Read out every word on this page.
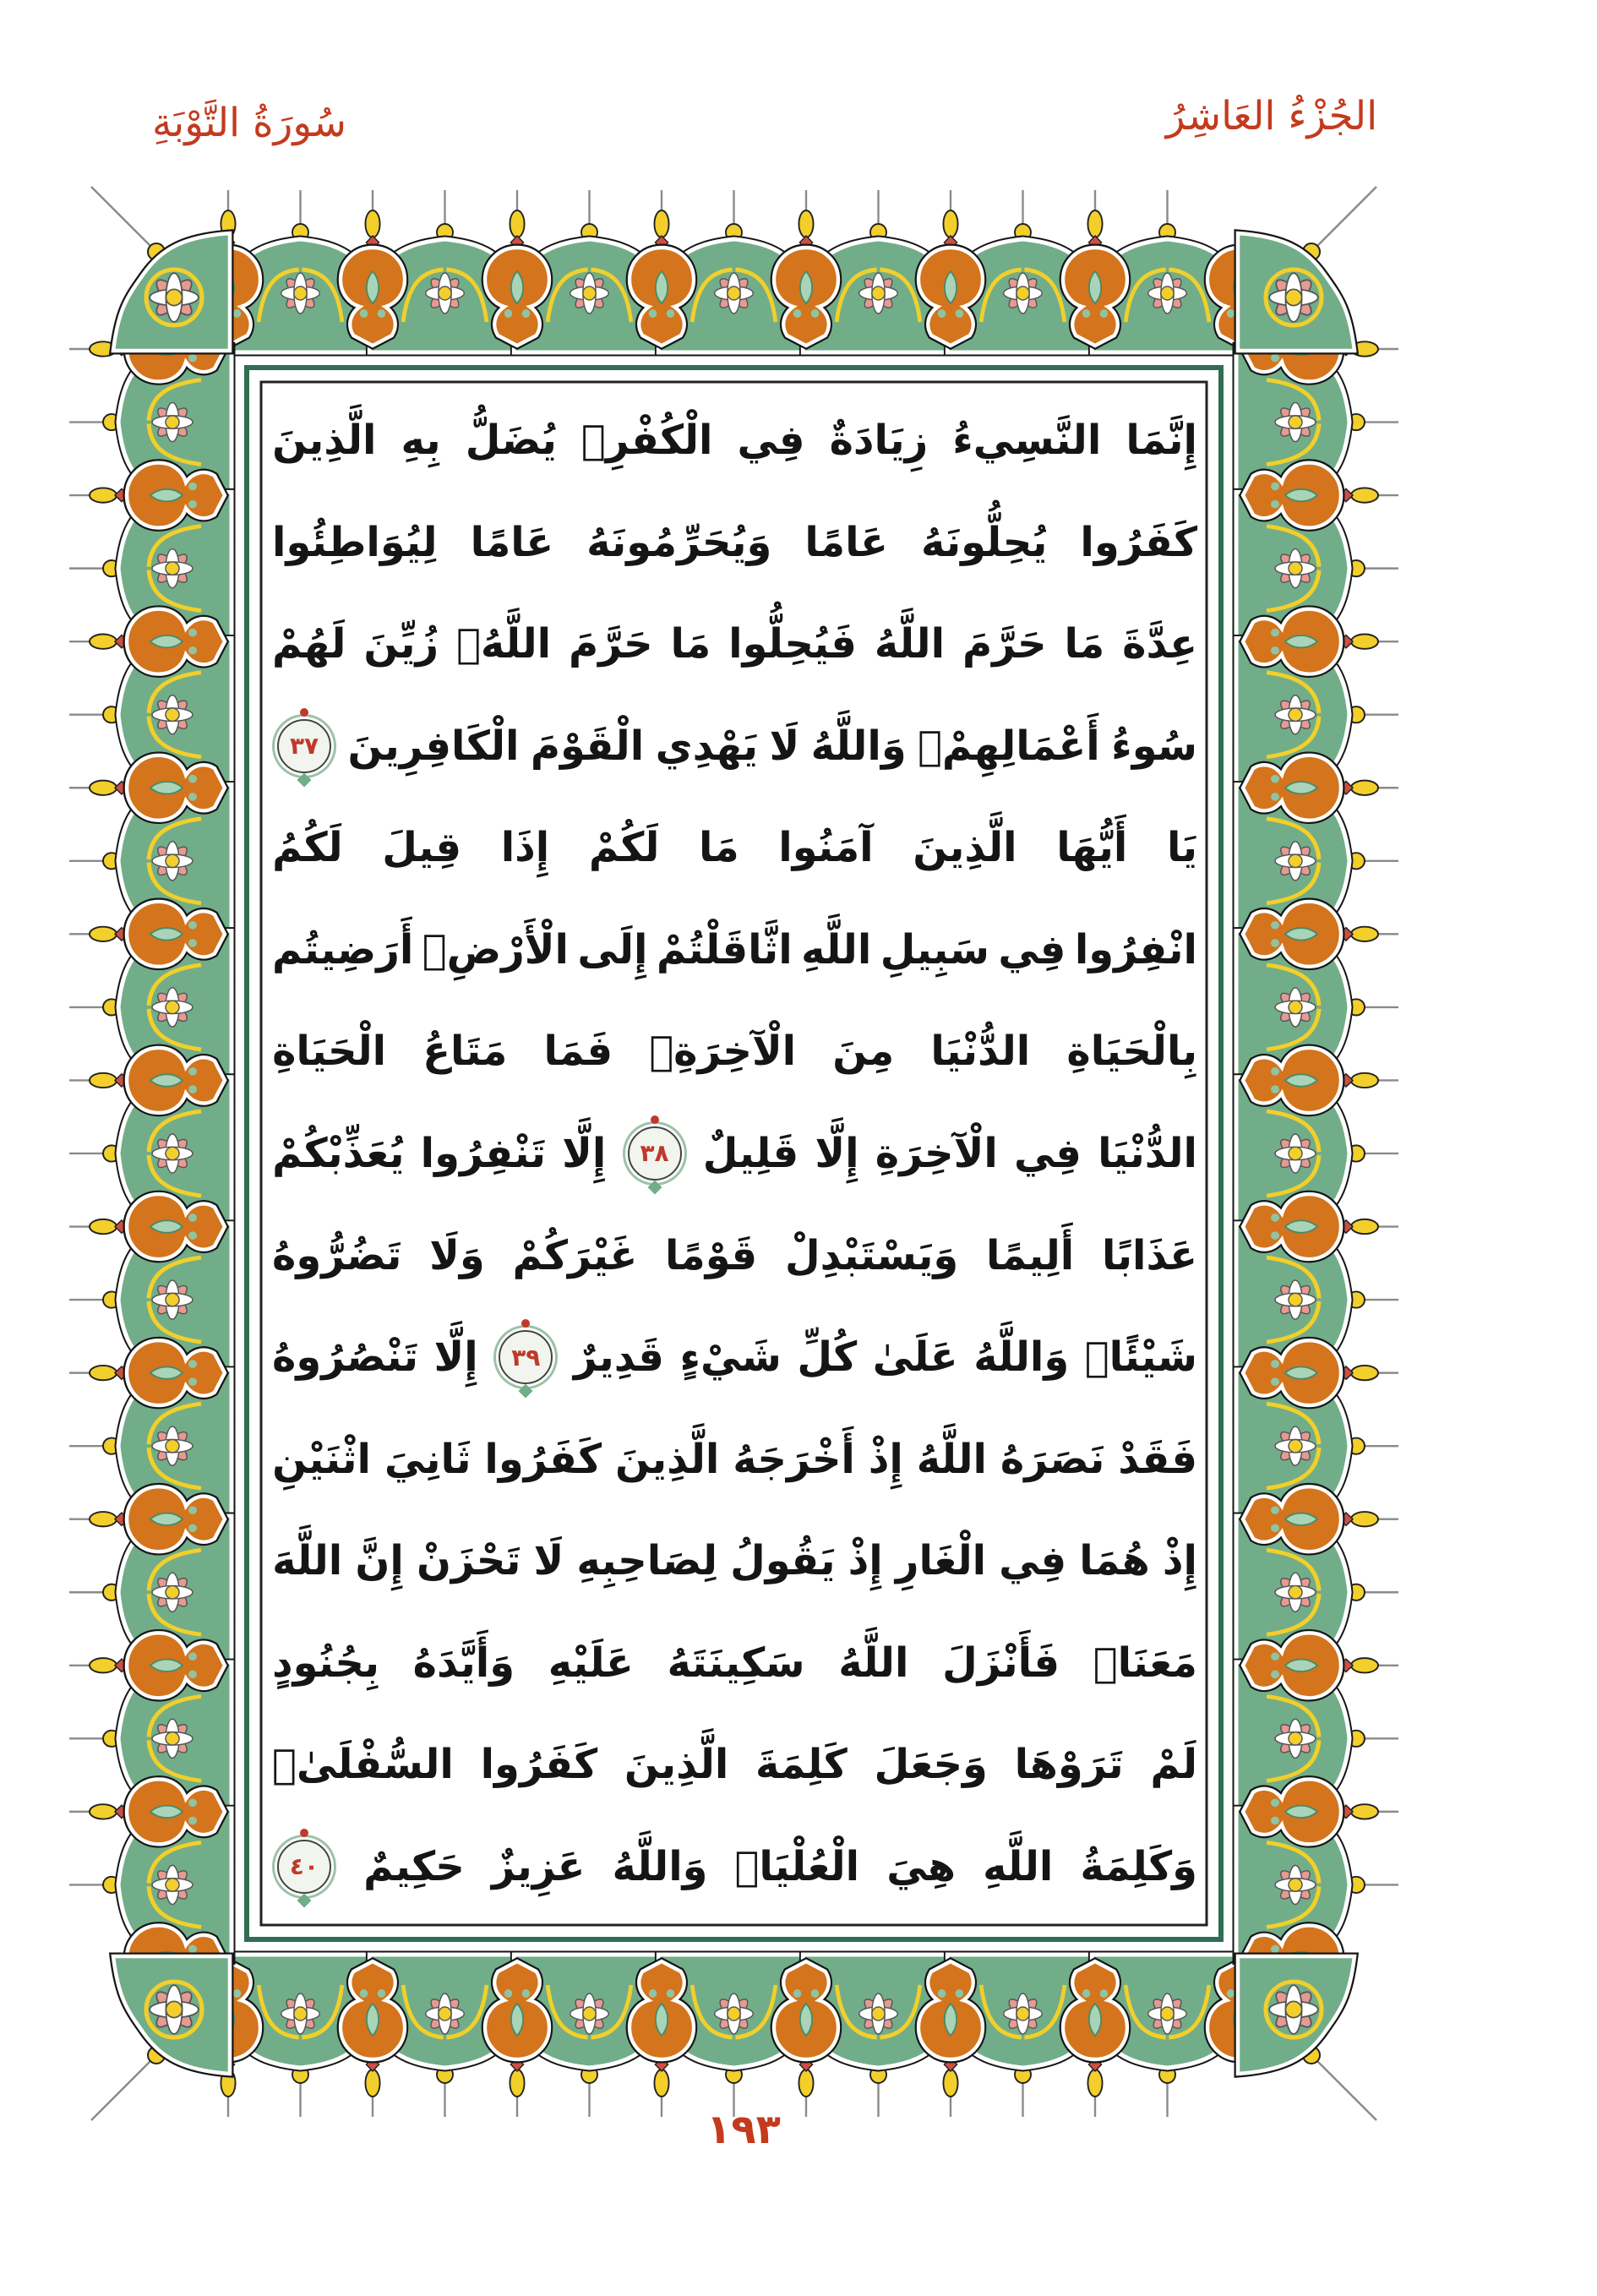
سُورَةُ التَّوْبَةِ	الجُزْءُ العَاشِرُ
إِنَّمَا
النَّسِيءُ
زِيَادَةٌ
فِي
الْكُفْرِۖ
يُضَلُّ
بِهِ
الَّذِينَ
كَفَرُوا
يُحِلُّونَهُ
عَامًا
وَيُحَرِّمُونَهُ
عَامًا
لِيُوَاطِئُوا
عِدَّةَ
مَا
حَرَّمَ
اللَّهُ
فَيُحِلُّوا
مَا
حَرَّمَ
اللَّهُۚ
زُيِّنَ
لَهُمْ
سُوءُ
أَعْمَالِهِمْۗ
وَاللَّهُ
لَا
يَهْدِي
الْقَوْمَ
الْكَافِرِينَ
٣٧
يَا
أَيُّهَا
الَّذِينَ
آمَنُوا
مَا
لَكُمْ
إِذَا
قِيلَ
لَكُمُ
انْفِرُوا
فِي
سَبِيلِ
اللَّهِ
اثَّاقَلْتُمْ
إِلَى
الْأَرْضِۚ
أَرَضِيتُم
بِالْحَيَاةِ
الدُّنْيَا
مِنَ
الْآخِرَةِۚ
فَمَا
مَتَاعُ
الْحَيَاةِ
الدُّنْيَا
فِي
الْآخِرَةِ
إِلَّا
قَلِيلٌ
٣٨
إِلَّا
تَنْفِرُوا
يُعَذِّبْكُمْ
عَذَابًا
أَلِيمًا
وَيَسْتَبْدِلْ
قَوْمًا
غَيْرَكُمْ
وَلَا
تَضُرُّوهُ
شَيْئًاۗ
وَاللَّهُ
عَلَىٰ
كُلِّ
شَيْءٍ
قَدِيرٌ
٣٩
إِلَّا
تَنْصُرُوهُ
فَقَدْ
نَصَرَهُ
اللَّهُ
إِذْ
أَخْرَجَهُ
الَّذِينَ
كَفَرُوا
ثَانِيَ
اثْنَيْنِ
إِذْ
هُمَا
فِي
الْغَارِ
إِذْ
يَقُولُ
لِصَاحِبِهِ
لَا
تَحْزَنْ
إِنَّ
اللَّهَ
مَعَنَاۖ
فَأَنْزَلَ
اللَّهُ
سَكِينَتَهُ
عَلَيْهِ
وَأَيَّدَهُ
بِجُنُودٍ
لَمْ
تَرَوْهَا
وَجَعَلَ
كَلِمَةَ
الَّذِينَ
كَفَرُوا
السُّفْلَىٰۗ
وَكَلِمَةُ
اللَّهِ
هِيَ
الْعُلْيَاۗ
وَاللَّهُ
عَزِيزٌ
حَكِيمٌ
٤٠
١٩٣
